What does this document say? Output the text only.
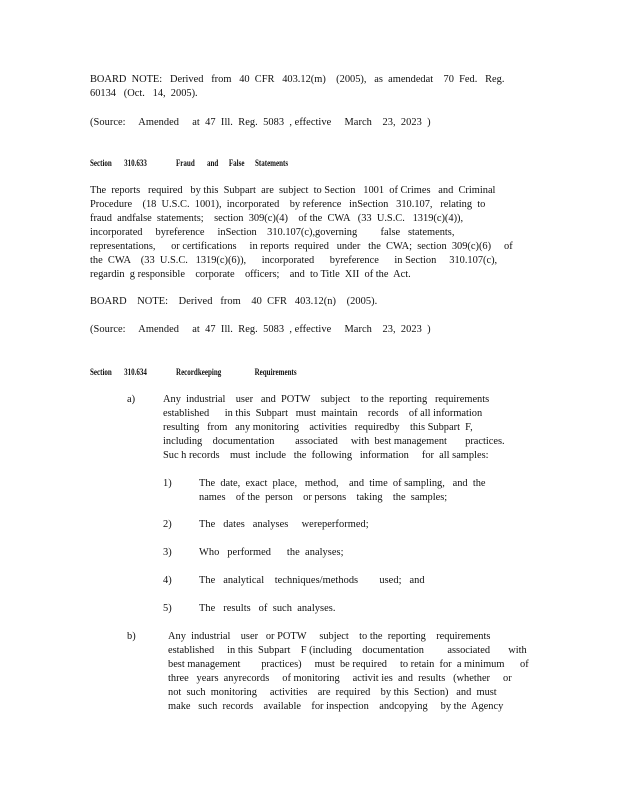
BOARD  NOTE:   Derived   from   40  CFR   403.12(m)    (2005),   as  amendedat    70  Fed.   Reg.
60134   (Oct.   14,  2005).
(Source:     Amended     at  47  Ill.  Reg.  5083  , effective     March    23,  2023  )
Section       310.633	Fraud       and      False      Statements
The  reports   required   by this  Subpart  are  subject  to Section   1001  of Crimes   and  Criminal
Procedure    (18  U.S.C.  1001),  incorporated    by reference   inSection   310.107,   relating  to
fraud  andfalse  statements;    section  309(c)(4)    of the  CWA   (33  U.S.C.   1319(c)(4)),
incorporated     byreference     inSection    310.107(c),governing         false   statements,
representations,      or certifications     in reports  required   under   the  CWA;  section  309(c)(6)     of
the  CWA    (33  U.S.C.   1319(c)(6)),      incorporated      byreference      in Section     310.107(c),
regardin  g responsible    corporate    officers;    and  to Title  XII  of the  Act.
BOARD    NOTE:    Derived   from    40  CFR   403.12(n)    (2005).
(Source:     Amended     at  47  Ill.  Reg.  5083  , effective     March    23,  2023  )
Section       310.634	Recordkeeping                   Requirements
a)	Any  industrial    user   and  POTW    subject    to the  reporting   requirements
established      in this  Subpart   must  maintain    records    of all information
resulting   from   any monitoring    activities   requiredby    this Subpart  F,
including    documentation        associated     with  best management       practices.
Suc h records    must  include   the  following   information     for  all samples:
1)	The  date,  exact  place,   method,    and  time  of sampling,   and  the
names    of the  person    or persons    taking    the  samples;
2)	The   dates   analyses     wereperformed;
3)	Who   performed      the  analyses;
4)	The   analytical    techniques/methods        used;   and
5)	The   results   of  such  analyses.
b)	Any  industrial    user   or POTW     subject    to the  reporting    requirements
established     in this  Subpart    F (including    documentation         associated       with
best management        practices)     must  be required     to retain  for  a minimum      of
three   years  anyrecords     of monitoring     activit ies  and  results   (whether     or
not  such  monitoring     activities    are  required    by this  Section)   and  must
make   such  records    available    for inspection    andcopying     by the  Agency
